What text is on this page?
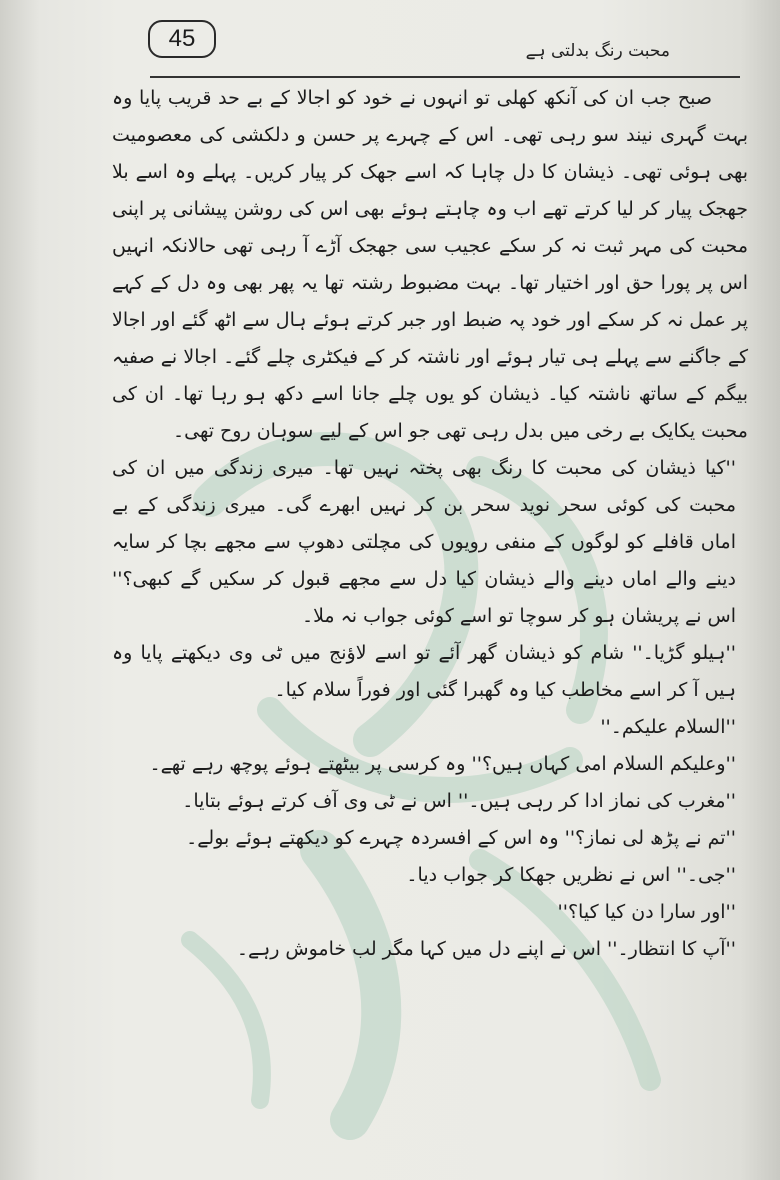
45	محبت رنگ بدلتی ہے

صبح جب ان کی آنکھ کھلی تو انہوں نے خود کو اجالا کے بے حد قریب پایا وہ بہت گہری نیند سو رہی تھی۔ اس کے چہرے پر حسن و دلکشی کی معصومیت بھی ہوئی تھی۔ ذیشان کا دل چاہا کہ اسے جھک کر پیار کریں۔ پہلے وہ اسے بلا جھجک پیار کر لیا کرتے تھے اب وہ چاہتے ہوئے بھی اس کی روشن پیشانی پر اپنی محبت کی مہر ثبت نہ کر سکے عجیب سی جھجک آڑے آ رہی تھی حالانکہ انہیں اس پر پورا حق اور اختیار تھا۔ بہت مضبوط رشتہ تھا یہ پھر بھی وہ دل کے کہے پر عمل نہ کر سکے اور خود پہ ضبط اور جبر کرتے ہوئے ہال سے اٹھ گئے اور اجالا کے جاگنے سے پہلے ہی تیار ہوئے اور ناشتہ کر کے فیکٹری چلے گئے۔ اجالا نے صفیہ بیگم کے ساتھ ناشتہ کیا۔ ذیشان کو یوں چلے جانا اسے دکھ ہو رہا تھا۔ ان کی محبت یکایک بے رخی میں بدل رہی تھی جو اس کے لیے سوہان روح تھی۔

''کیا ذیشان کی محبت کا رنگ بھی پختہ نہیں تھا۔ میری زندگی میں ان کی محبت کی کوئی سحر نوید سحر بن کر نہیں ابھرے گی۔ میری زندگی کے بے اماں قافلے کو لوگوں کے منفی رویوں کی مچلتی دھوپ سے مجھے بچا کر سایہ دینے والے اماں دینے والے ذیشان کیا دل سے مجھے قبول کر سکیں گے کبھی؟'' اس نے پریشان ہو کر سوچا تو اسے کوئی جواب نہ ملا۔

''ہیلو گڑیا۔'' شام کو ذیشان گھر آئے تو اسے لاؤنج میں ٹی وی دیکھتے پایا وہ ہیں آ کر اسے مخاطب کیا وہ گھبرا گئی اور فوراً سلام کیا۔

''السلام علیکم۔''

''وعلیکم السلام امی کہاں ہیں؟'' وہ کرسی پر بیٹھتے ہوئے پوچھ رہے تھے۔

''مغرب کی نماز ادا کر رہی ہیں۔'' اس نے ٹی وی آف کرتے ہوئے بتایا۔

''تم نے پڑھ لی نماز؟'' وہ اس کے افسردہ چہرے کو دیکھتے ہوئے بولے۔

''جی۔'' اس نے نظریں جھکا کر جواب دیا۔

''اور سارا دن کیا کیا؟''

''آپ کا انتظار۔'' اس نے اپنے دل میں کہا مگر لب خاموش رہے۔
